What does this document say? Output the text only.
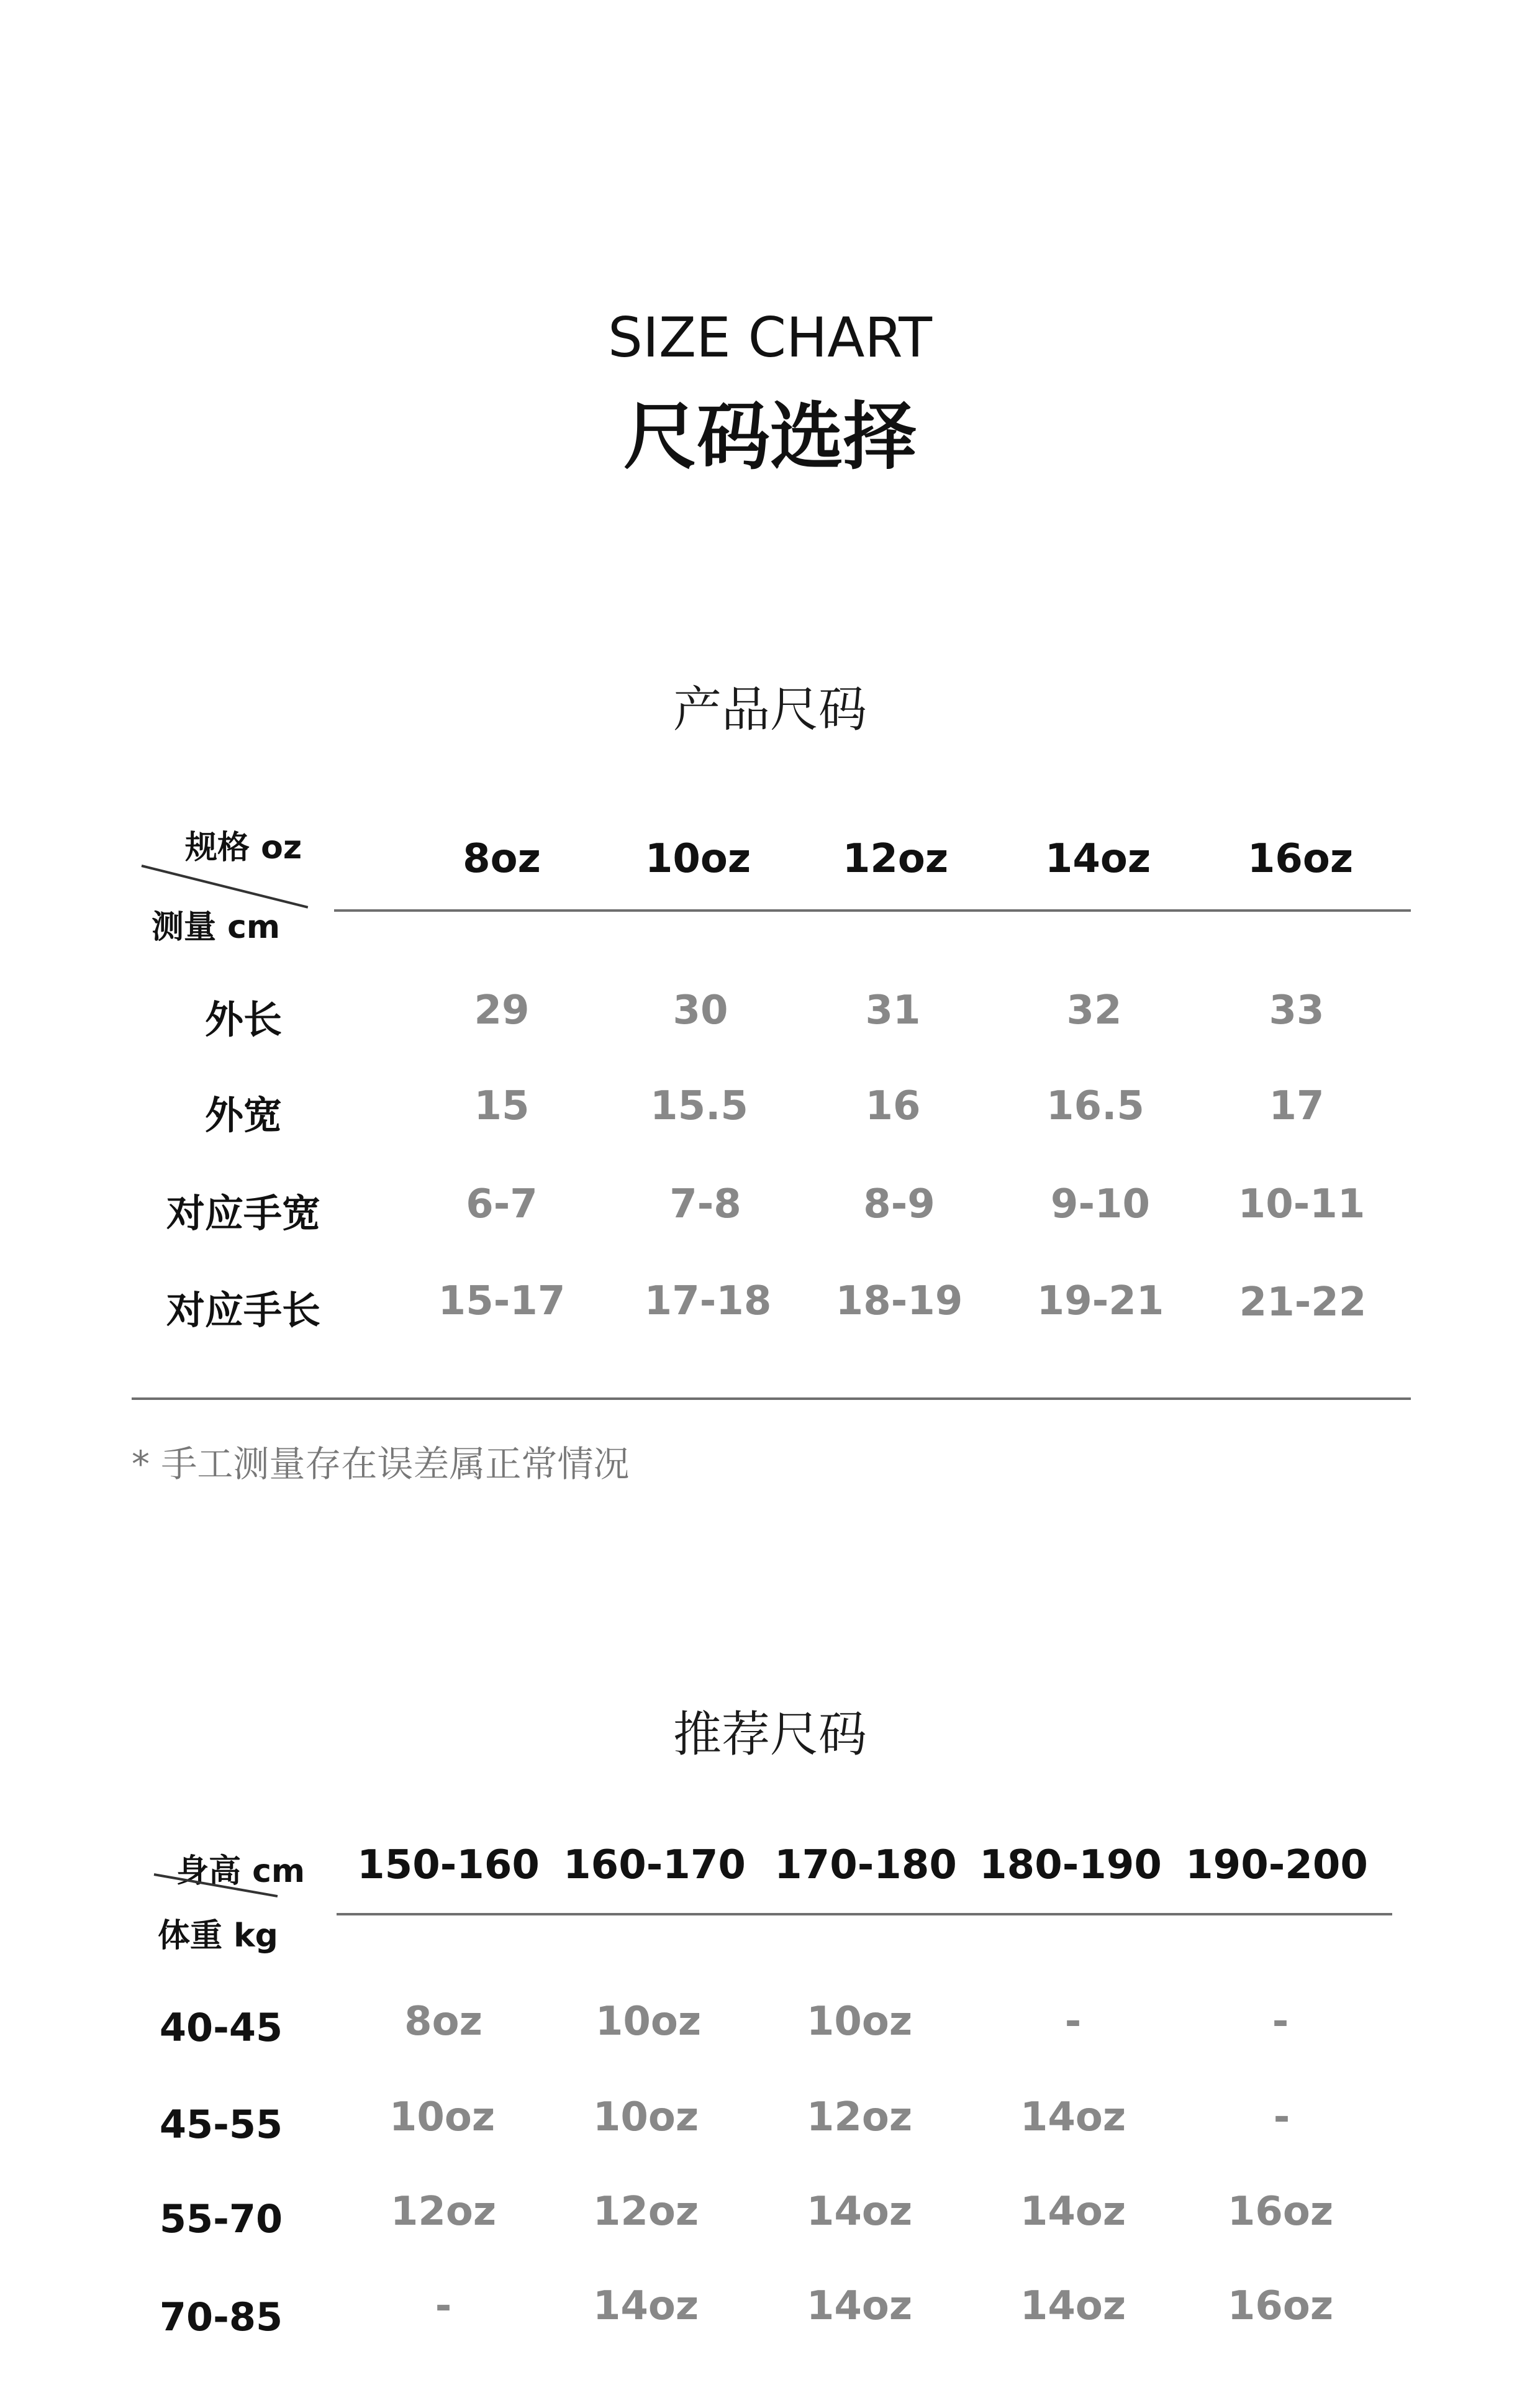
SIZE CHART
尺码选择
产品尺码
规格 oz
测量 cm
8oz	10oz 12oz 14oz 16oz
外长	29	30	31	32	33
外宽	15	15.5	16	16.5	17
对应手宽	6-7	7-8	8-9	9-10 10-11
对应手长	15-17 17-18 18-19 19-21 21-22
* 手工测量存在误差属正常情况
推荐尺码
身高 cm
体重 kg
150-160 160-170 170-180 180-190 190-200
40-45	8oz	10oz	10oz	-	-
45-55	10oz 10oz	12oz	14oz	-
55-70	12oz 12oz	14oz	14oz	16oz
70-85	-	14oz	14oz	14oz	16oz
